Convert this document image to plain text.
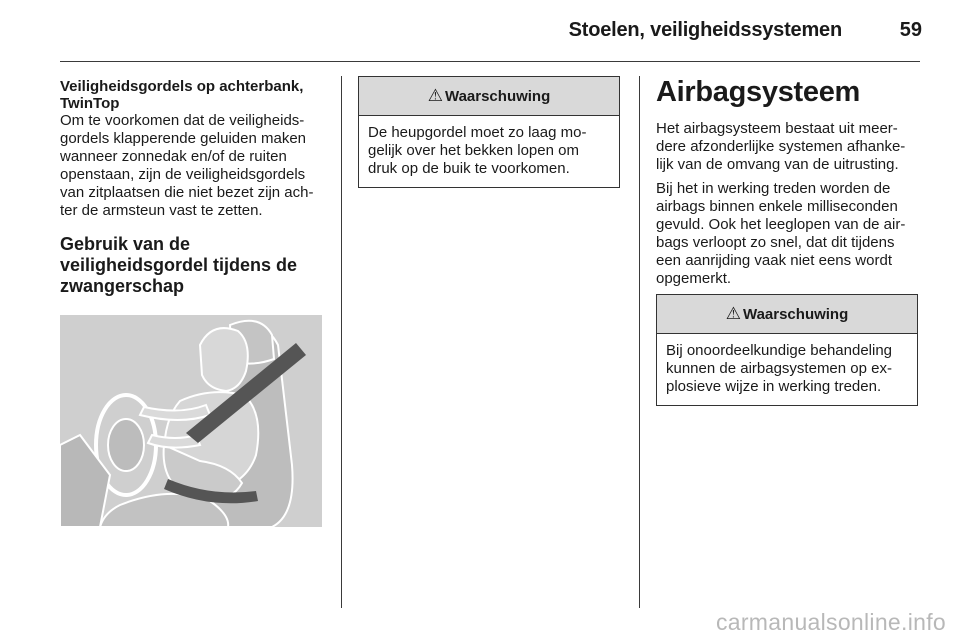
Stoelen, veiligheidssystemen	59

Veiligheidsgordels op achterbank,
TwinTop

Om te voorkomen dat de veiligheids-
gordels klapperende geluiden maken
wanneer zonnedak en/of de ruiten
openstaan, zijn de veiligheidsgordels
van zitplaatsen die niet bezet zijn ach-
ter de armsteun vast te zetten.

Gebruik van de
veiligheidsgordel tijdens de
zwangerschap

⚠ Waarschuwing
De heupgordel moet zo laag mo-
gelijk over het bekken lopen om
druk op de buik te voorkomen.
Airbagsysteem

Het airbagsysteem bestaat uit meer-
dere afzonderlijke systemen afhanke-
lijk van de omvang van de uitrusting.

Bij het in werking treden worden de
airbags binnen enkele milliseconden
gevuld. Ook het leeglopen van de air-
bags verloopt zo snel, dat dit tijdens
een aanrijding vaak niet eens wordt
opgemerkt.

⚠ Waarschuwing
Bij onoordeelkundige behandeling
kunnen de airbagsystemen op ex-
plosieve wijze in werking treden.
carmanualsonline.info
